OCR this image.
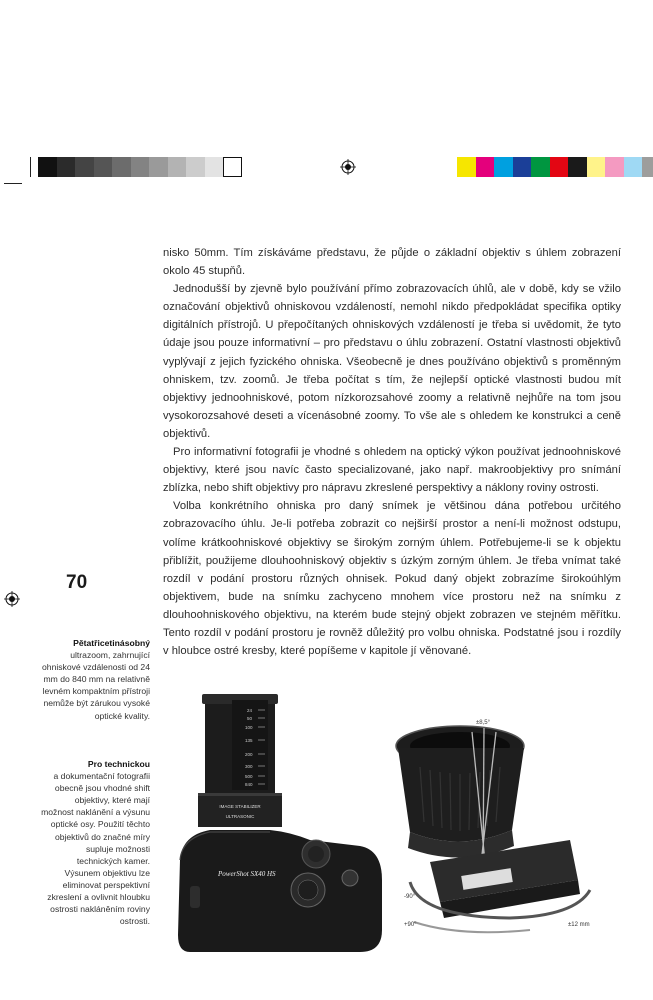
nisko 50mm. Tím získáváme představu, že půjde o základní objektiv s úhlem zobrazení okolo 45 stupňů.

Jednodušší by zjevně bylo používání přímo zobrazovacích úhlů, ale v době, kdy se vžilo označování objektivů ohniskovou vzdáleností, nemohl nikdo předpokládat specifika optiky digitálních přístrojů. U přepočítaných ohniskových vzdáleností je třeba si uvědomit, že tyto údaje jsou pouze informativní – pro představu o úhlu zobrazení. Ostatní vlastnosti objektivů vyplývají z jejich fyzického ohniska. Všeobecně je dnes používáno objektivů s proměnným ohniskem, tzv. zoomů. Je třeba počítat s tím, že nejlepší optické vlastnosti budou mít objektivy jednoohniskové, potom nízkorozsahové zoomy a relativně nejhůře na tom jsou vysokorozsahové deseti a vícenásobné zoomy. To vše ale s ohledem ke konstrukci a ceně objektivů.

Pro informativní fotografii je vhodné s ohledem na optický výkon používat jednoohniskové objektivy, které jsou navíc často specializované, jako např. makroobjektivy pro snímání zblízka, nebo shift objektivy pro nápravu zkreslené perspektivy a náklony roviny ostrosti.

Volba konkrétního ohniska pro daný snímek je většinou dána potřebou určitého zobrazovacího úhlu. Je-li potřeba zobrazit co nejširší prostor a není-li možnost odstupu, volíme krátkoohniskové objektivy se širokým zorným úhlem. Potřebujeme-li se k objektu přiblížit, použijeme dlouhoohniskový objektiv s úzkým zorným úhlem. Je třeba vnímat také rozdíl v podání prostoru různých ohnisek. Pokud daný objekt zobrazíme širokoúhlým objektivem, bude na snímku zachyceno mnohem více prostoru než na snímku z dlouhoohniskového objektivu, na kterém bude stejný objekt zobrazen ve stejném měřítku. Tento rozdíl v podání prostoru je rovněž důležitý pro volbu ohniska. Podstatné jsou i rozdíly v hloubce ostré kresby, které popíšeme v kapitole jí věnované.

70
Pětatřicetinásobný
ultrazoom, zahrnující ohniskové vzdálenosti od 24 mm do 840 mm na relativně levném kompaktním přístroji nemůže být zárukou vysoké optické kvality.
Pro technickou
a dokumentační fotografii obecně jsou vhodné shift objektivy, které mají možnost naklánění a výsunu optické osy. Použití těchto objektivů do značné míry supluje možnosti technických kamer. Výsunem objektivu lze eliminovat perspektivní zkreslení a ovlivnit hloubku ostrosti nakláněním roviny ostrosti.
24
50
100
135
200
300
500
840
IMAGE STABILIZER
ULTRASONIC
PowerShot SX40 HS
±8,5°
-90°
+90°	±12 mm
